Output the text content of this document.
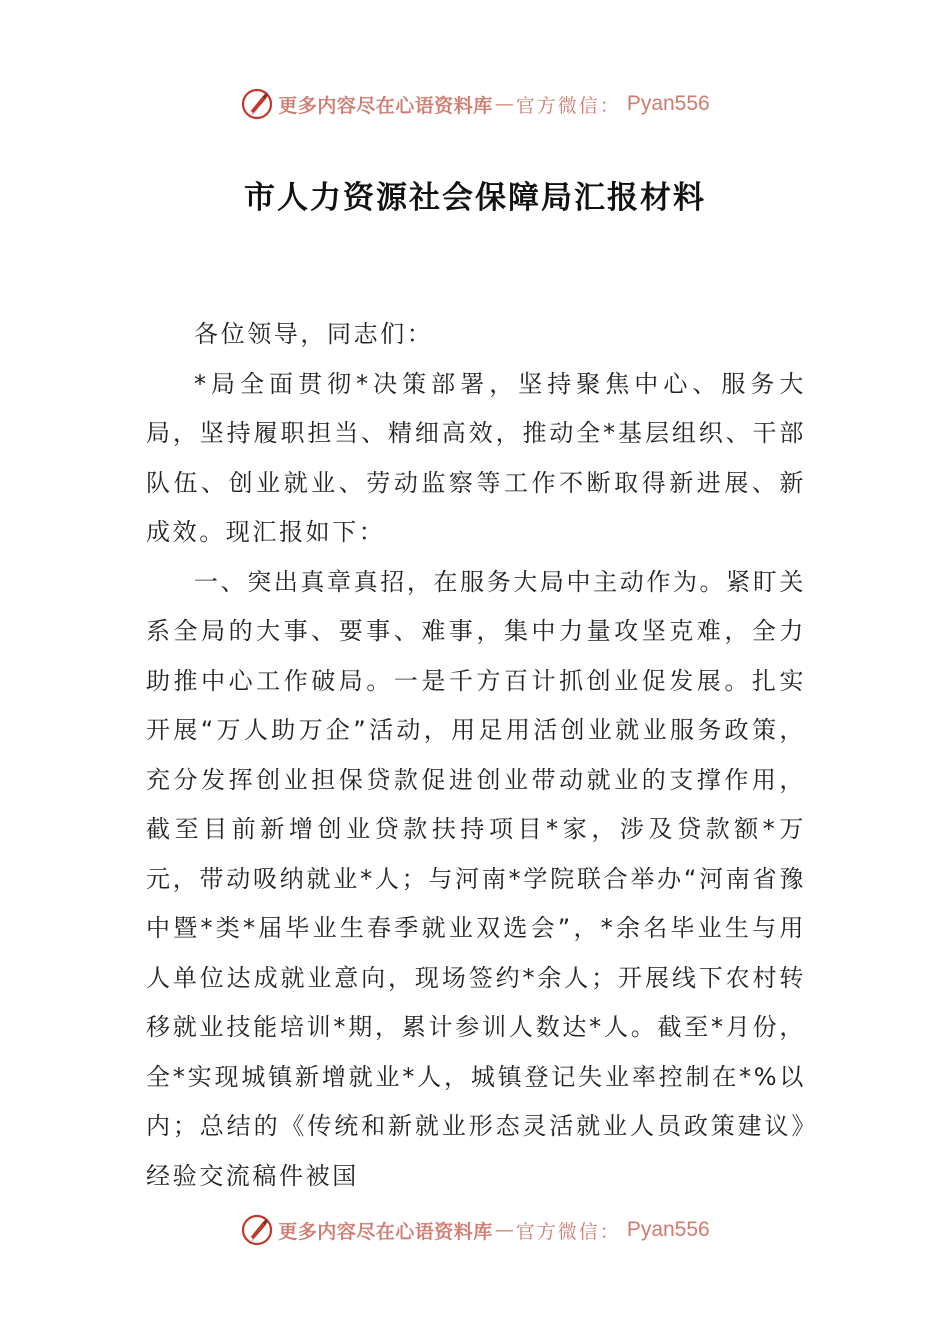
更多内容尽在心语资料库 — 官方微信： Pyan556
市人力资源社会保障局汇报材料

各位领导，同志们：

*局全面贯彻*决策部署，坚持聚焦中心、服务大局，坚持履职担当、精细高效，推动全*基层组织、干部队伍、创业就业、劳动监察等工作不断取得新进展、新成效。现汇报如下：

一、突出真章真招，在服务大局中主动作为。紧盯关系全局的大事、要事、难事，集中力量攻坚克难，全力助推中心工作破局。一是千方百计抓创业促发展。扎实开展“万人助万企”活动，用足用活创业就业服务政策，充分发挥创业担保贷款促进创业带动就业的支撑作用，截至目前新增创业贷款扶持项目*家，涉及贷款额*万元，带动吸纳就业*人；与河南*学院联合举办“河南省豫中暨*类*届毕业生春季就业双选会”，*余名毕业生与用人单位达成就业意向，现场签约*余人；开展线下农村转移就业技能培训*期，累计参训人数达*人。截至*月份，全*实现城镇新增就业*人，城镇登记失业率控制在*%以内；总结的《传统和新就业形态灵活就业人员政策建议》经验交流稿件被国

更多内容尽在心语资料库 — 官方微信： Pyan556
